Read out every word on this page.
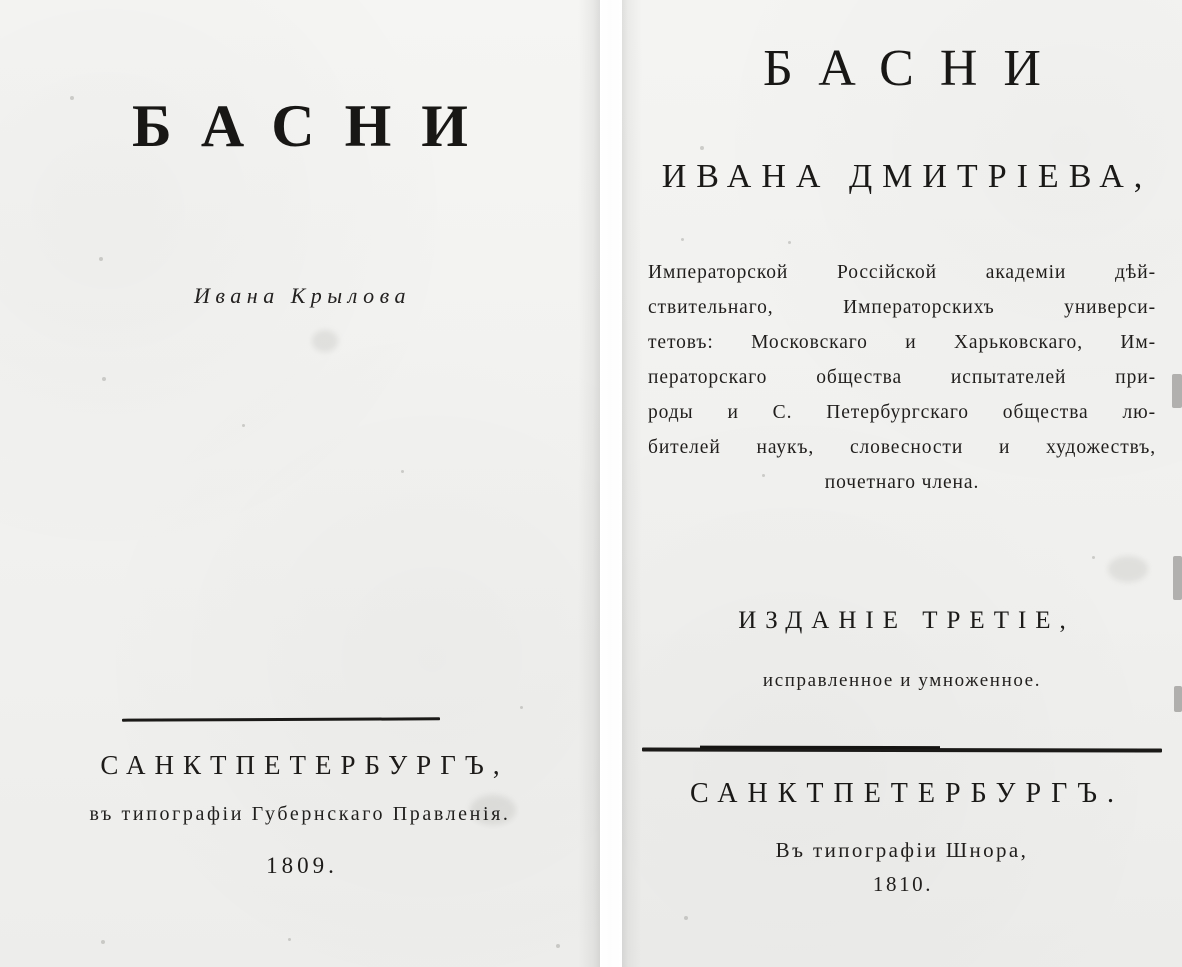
БАСНИ
Ивана Крылова
САНКТПЕТЕРБУРГЪ,
въ типографіи Губернскаго Правленія.
1809.
БАСНИ
ИВАНА ДМИТРІЕВА,
Императорской Россійской академіи дѣй-
ствительнаго, Императорскихъ универси-
тетовъ: Московскаго и Харьковскаго, Им-
ператорскаго общества испытателей при-
роды и С. Петербургскаго общества лю-
бителей наукъ, словесности и художествъ,
почетнаго члена.
ИЗДАНІЕ ТРЕТІЕ,
исправленное и умноженное.
САНКТПЕТЕРБУРГЪ.
Въ типографіи Шнора,
1810.
